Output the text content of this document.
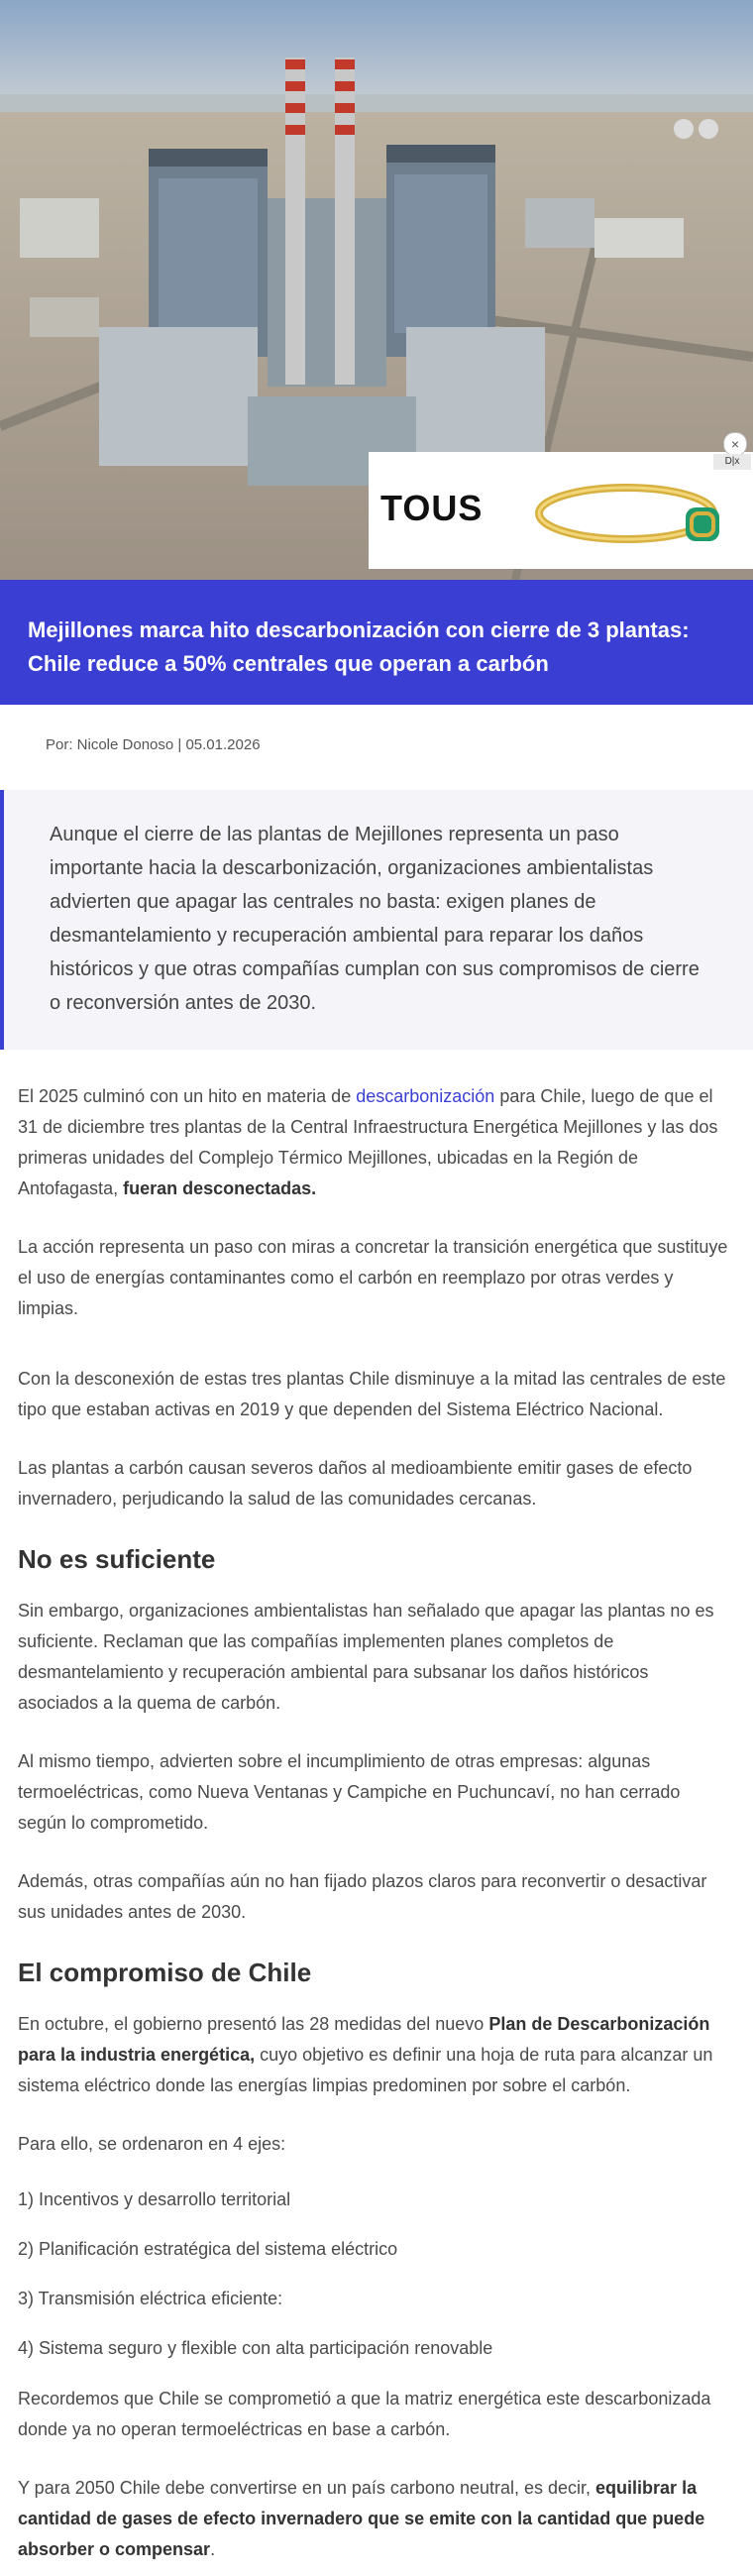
×
D|x
TOUS
Mejillones marca hito descarbonización con cierre de 3 plantas: Chile reduce a 50% centrales que operan a carbón
Por: Nicole Donoso | 05.01.2026

Aunque el cierre de las plantas de Mejillones representa un paso importante hacia la descarbonización, organizaciones ambientalistas advierten que apagar las centrales no basta: exigen planes de desmantelamiento y recuperación ambiental para reparar los daños históricos y que otras compañías cumplan con sus compromisos de cierre o reconversión antes de 2030.

El 2025 culminó con un hito en materia de descarbonización para Chile, luego de que el 31 de diciembre tres plantas de la Central Infraestructura Energética Mejillones y las dos primeras unidades del Complejo Térmico Mejillones, ubicadas en la Región de Antofagasta, fueran desconectadas.

La acción representa un paso con miras a concretar la transición energética que sustituye el uso de energías contaminantes como el carbón en reemplazo por otras verdes y limpias.

Con la desconexión de estas tres plantas Chile disminuye a la mitad las centrales de este tipo que estaban activas en 2019 y que dependen del Sistema Eléctrico Nacional.

Las plantas a carbón causan severos daños al medioambiente emitir gases de efecto invernadero, perjudicando la salud de las comunidades cercanas.

No es suficiente

Sin embargo, organizaciones ambientalistas han señalado que apagar las plantas no es suficiente. Reclaman que las compañías implementen planes completos de desmantelamiento y recuperación ambiental para subsanar los daños históricos asociados a la quema de carbón.

Al mismo tiempo, advierten sobre el incumplimiento de otras empresas: algunas termoeléctricas, como Nueva Ventanas y Campiche en Puchuncaví, no han cerrado según lo comprometido.

Además, otras compañías aún no han fijado plazos claros para reconvertir o desactivar sus unidades antes de 2030.

El compromiso de Chile

En octubre, el gobierno presentó las 28 medidas del nuevo Plan de Descarbonización para la industria energética, cuyo objetivo es definir una hoja de ruta para alcanzar un sistema eléctrico donde las energías limpias predominen por sobre el carbón.

Para ello, se ordenaron en 4 ejes:

1) Incentivos y desarrollo territorial
2) Planificación estratégica del sistema eléctrico
3) Transmisión eléctrica eficiente:
4) Sistema seguro y flexible con alta participación renovable

Recordemos que Chile se comprometió a que la matriz energética este descarbonizada donde ya no operan termoeléctricas en base a carbón.

Y para 2050 Chile debe convertirse en un país carbono neutral, es decir, equilibrar la cantidad de gases de efecto invernadero que se emite con la cantidad que puede absorber o compensar.
